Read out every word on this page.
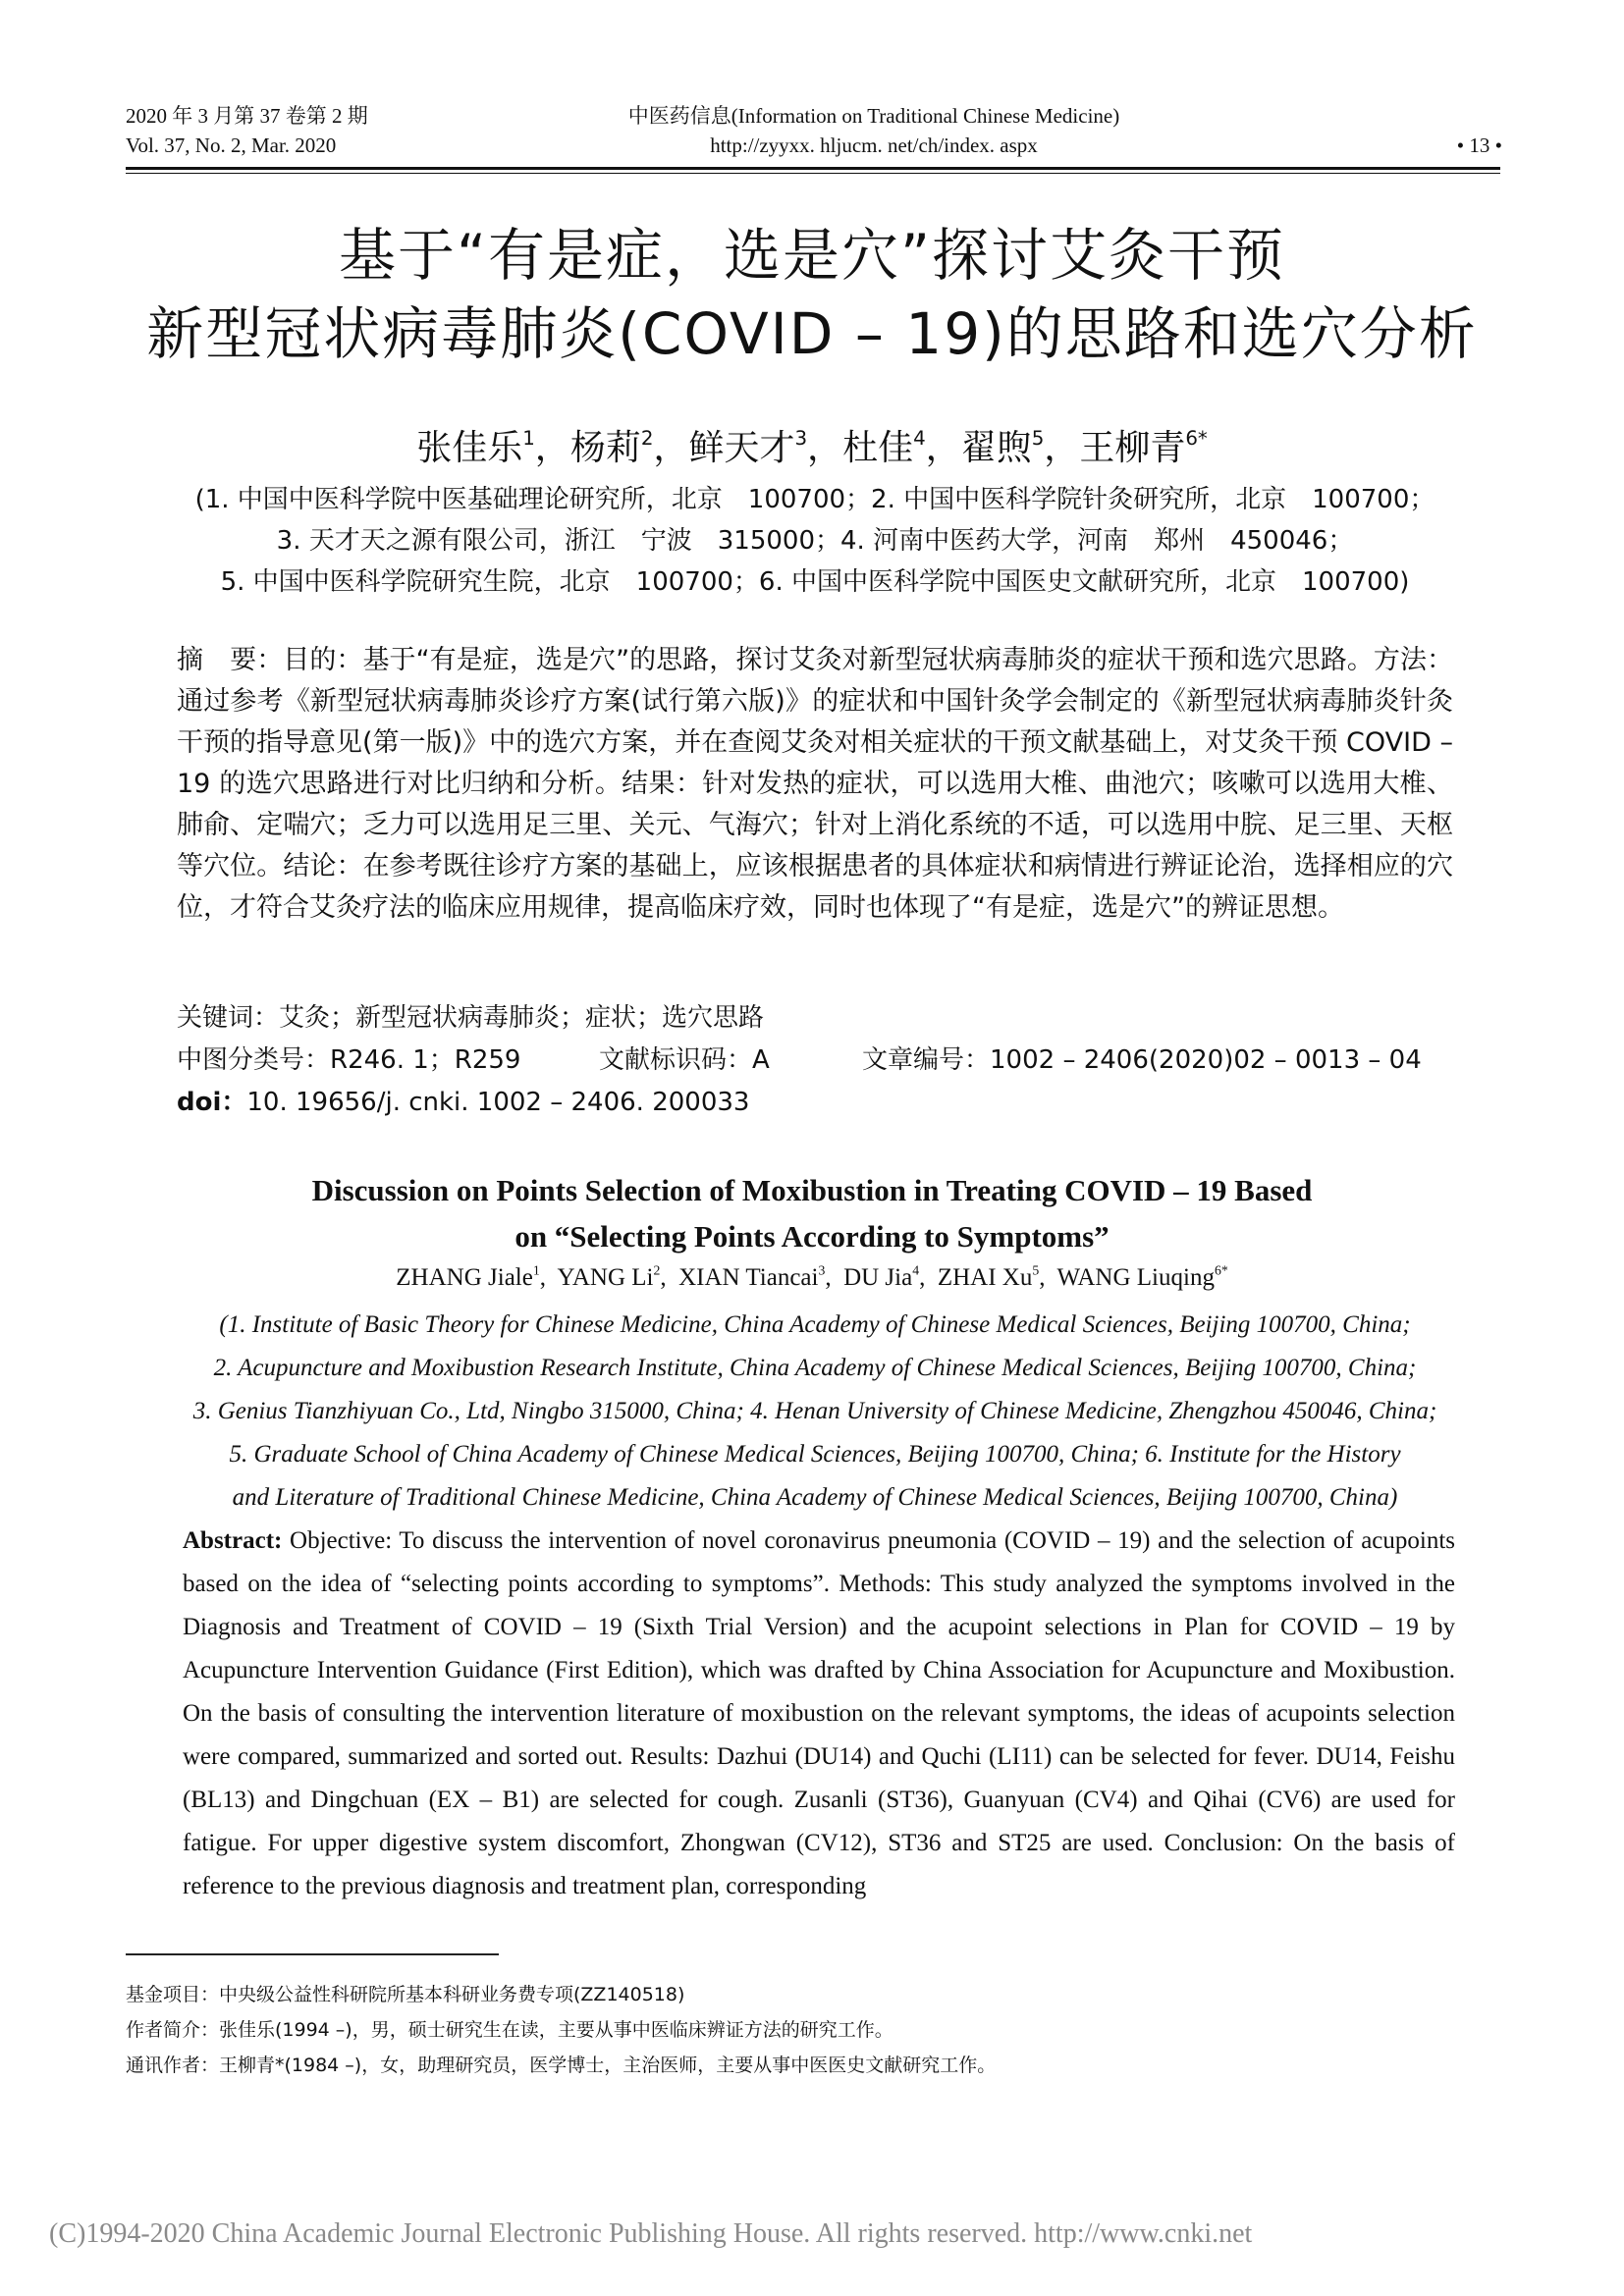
2020 年 3 月第 37 卷第 2 期
Vol. 37, No. 2, Mar. 2020
中医药信息(Information on Traditional Chinese Medicine)
http://zyyxx. hljucm. net/ch/index. aspx	• 13 •
基于“有是症，选是穴”探讨艾灸干预
新型冠状病毒肺炎(COVID – 19)的思路和选穴分析
张佳乐$^1$，杨莉$^2$，鲜天才$^3$，杜佳$^4$，翟煦$^5$，王柳青$^{6*}$
(1. 中国中医科学院中医基础理论研究所，北京　100700；2. 中国中医科学院针灸研究所，北京　100700；
3. 天才天之源有限公司，浙江　宁波　315000；4. 河南中医药大学，河南　郑州　450046；
5. 中国中医科学院研究生院，北京　100700；6. 中国中医科学院中国医史文献研究所，北京　100700)

摘　要：目的：基于“有是症，选是穴”的思路，探讨艾灸对新型冠状病毒肺炎的症状干预和选穴思路。方法：通过参考《新型冠状病毒肺炎诊疗方案(试行第六版)》的症状和中国针灸学会制定的《新型冠状病毒肺炎针灸干预的指导意见(第一版)》中的选穴方案，并在查阅艾灸对相关症状的干预文献基础上，对艾灸干预 COVID – 19 的选穴思路进行对比归纳和分析。结果：针对发热的症状，可以选用大椎、曲池穴；咳嗽可以选用大椎、肺俞、定喘穴；乏力可以选用足三里、关元、气海穴；针对上消化系统的不适，可以选用中脘、足三里、天枢等穴位。结论：在参考既往诊疗方案的基础上，应该根据患者的具体症状和病情进行辨证论治，选择相应的穴位，才符合艾灸疗法的临床应用规律，提高临床疗效，同时也体现了“有是症，选是穴”的辨证思想。

关键词：艾灸；新型冠状病毒肺炎；症状；选穴思路
中图分类号：R246. 1；R259	文献标识码：A	文章编号：1002 – 2406(2020)02 – 0013 – 04
doi：10. 19656/j. cnki. 1002 – 2406. 200033
Discussion on Points Selection of Moxibustion in Treating COVID – 19 Based
on “Selecting Points According to Symptoms”
ZHANG Jiale$^1$,  YANG Li$^2$,  XIAN Tiancai$^3$,  DU Jia$^4$,  ZHAI Xu$^5$,  WANG Liuqing$^{6*}$
(1. Institute of Basic Theory for Chinese Medicine, China Academy of Chinese Medical Sciences, Beijing 100700, China;
2. Acupuncture and Moxibustion Research Institute, China Academy of Chinese Medical Sciences, Beijing 100700, China;
3. Genius Tianzhiyuan Co., Ltd, Ningbo 315000, China; 4. Henan University of Chinese Medicine, Zhengzhou 450046, China;
5. Graduate School of China Academy of Chinese Medical Sciences, Beijing 100700, China; 6. Institute for the History
and Literature of Traditional Chinese Medicine, China Academy of Chinese Medical Sciences, Beijing 100700, China)
Abstract: Objective: To discuss the intervention of novel coronavirus pneumonia (COVID – 19) and the selection of acupoints based on the idea of “selecting points according to symptoms”. Methods: This study analyzed the symptoms involved in the Diagnosis and Treatment of COVID – 19 (Sixth Trial Version) and the acupoint selections in Plan for COVID – 19 by Acupuncture Intervention Guidance (First Edition), which was drafted by China Association for Acupuncture and Moxibustion. On the basis of consulting the intervention literature of moxibustion on the relevant symptoms, the ideas of acupoints selection were compared, summarized and sorted out. Results: Dazhui (DU14) and Quchi (LI11) can be selected for fever. DU14, Feishu (BL13) and Dingchuan (EX – B1) are selected for cough. Zusanli (ST36), Guanyuan (CV4) and Qihai (CV6) are used for fatigue. For upper digestive system discomfort, Zhongwan (CV12), ST36 and ST25 are used. Conclusion: On the basis of reference to the previous diagnosis and treatment plan, corresponding
基金项目：中央级公益性科研院所基本科研业务费专项(ZZ140518)
作者简介：张佳乐(1994 –)，男，硕士研究生在读，主要从事中医临床辨证方法的研究工作。
通讯作者：王柳青*(1984 –)，女，助理研究员，医学博士，主治医师，主要从事中医医史文献研究工作。
(C)1994-2020 China Academic Journal Electronic Publishing House. All rights reserved. http://www.cnki.net
